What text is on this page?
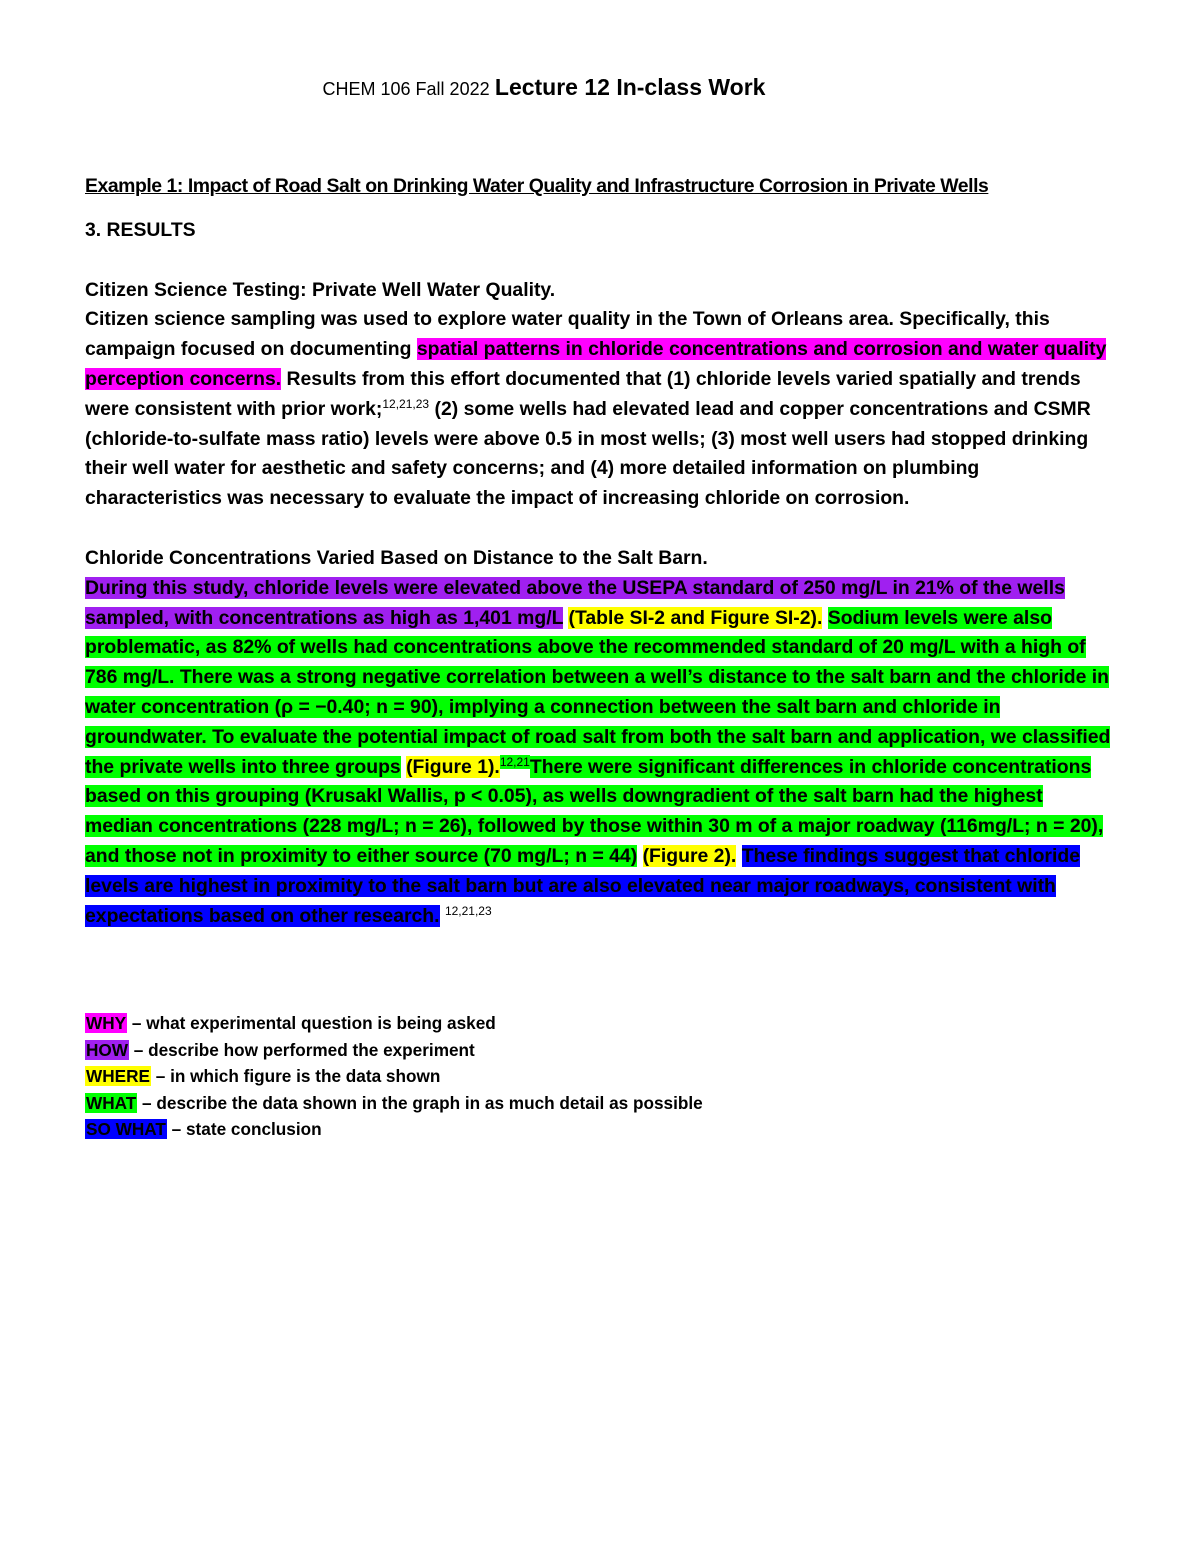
CHEM 106 Fall 2022 Lecture 12 In-class Work

Example 1: Impact of Road Salt on Drinking Water Quality and Infrastructure Corrosion in Private Wells

3. RESULTS

Citizen Science Testing: Private Well Water Quality.

Citizen science sampling was used to explore water quality in the Town of Orleans area. Specifically, this campaign focused on documenting spatial patterns in chloride concentrations and corrosion and water quality perception concerns. Results from this effort documented that (1) chloride levels varied spatially and trends were consistent with prior work;$^{12,21,23}$ (2) some wells had elevated lead and copper concentrations and CSMR (chloride-to-sulfate mass ratio) levels were above 0.5 in most wells; (3) most well users had stopped drinking their well water for aesthetic and safety concerns; and (4) more detailed information on plumbing characteristics was necessary to evaluate the impact of increasing chloride on corrosion.

Chloride Concentrations Varied Based on Distance to the Salt Barn.

During this study, chloride levels were elevated above the USEPA standard of 250 mg/L in 21% of the wells sampled, with concentrations as high as 1,401 mg/L (Table SI-2 and Figure SI-2). Sodium levels were also problematic, as 82% of wells had concentrations above the recommended standard of 20 mg/L with a high of 786 mg/L. There was a strong negative correlation between a well’s distance to the salt barn and the chloride in water concentration (ρ = −0.40; n = 90), implying a connection between the salt barn and chloride in groundwater. To evaluate the potential impact of road salt from both the salt barn and application, we classified the private wells into three groups (Figure 1).$^{12,21}$There were significant differences in chloride concentrations based on this grouping (Krusakl Wallis, p < 0.05), as wells downgradient of the salt barn had the highest median concentrations (228 mg/L; n = 26), followed by those within 30 m of a major roadway (116mg/L; n = 20), and those not in proximity to either source (70 mg/L; n = 44) (Figure 2). These findings suggest that chloride levels are highest in proximity to the salt barn but are also elevated near major roadways, consistent with expectations based on other research. $^{12,21,23}$

WHY – what experimental question is being asked
HOW – describe how performed the experiment
WHERE – in which figure is the data shown
WHAT – describe the data shown in the graph in as much detail as possible
SO WHAT – state conclusion
